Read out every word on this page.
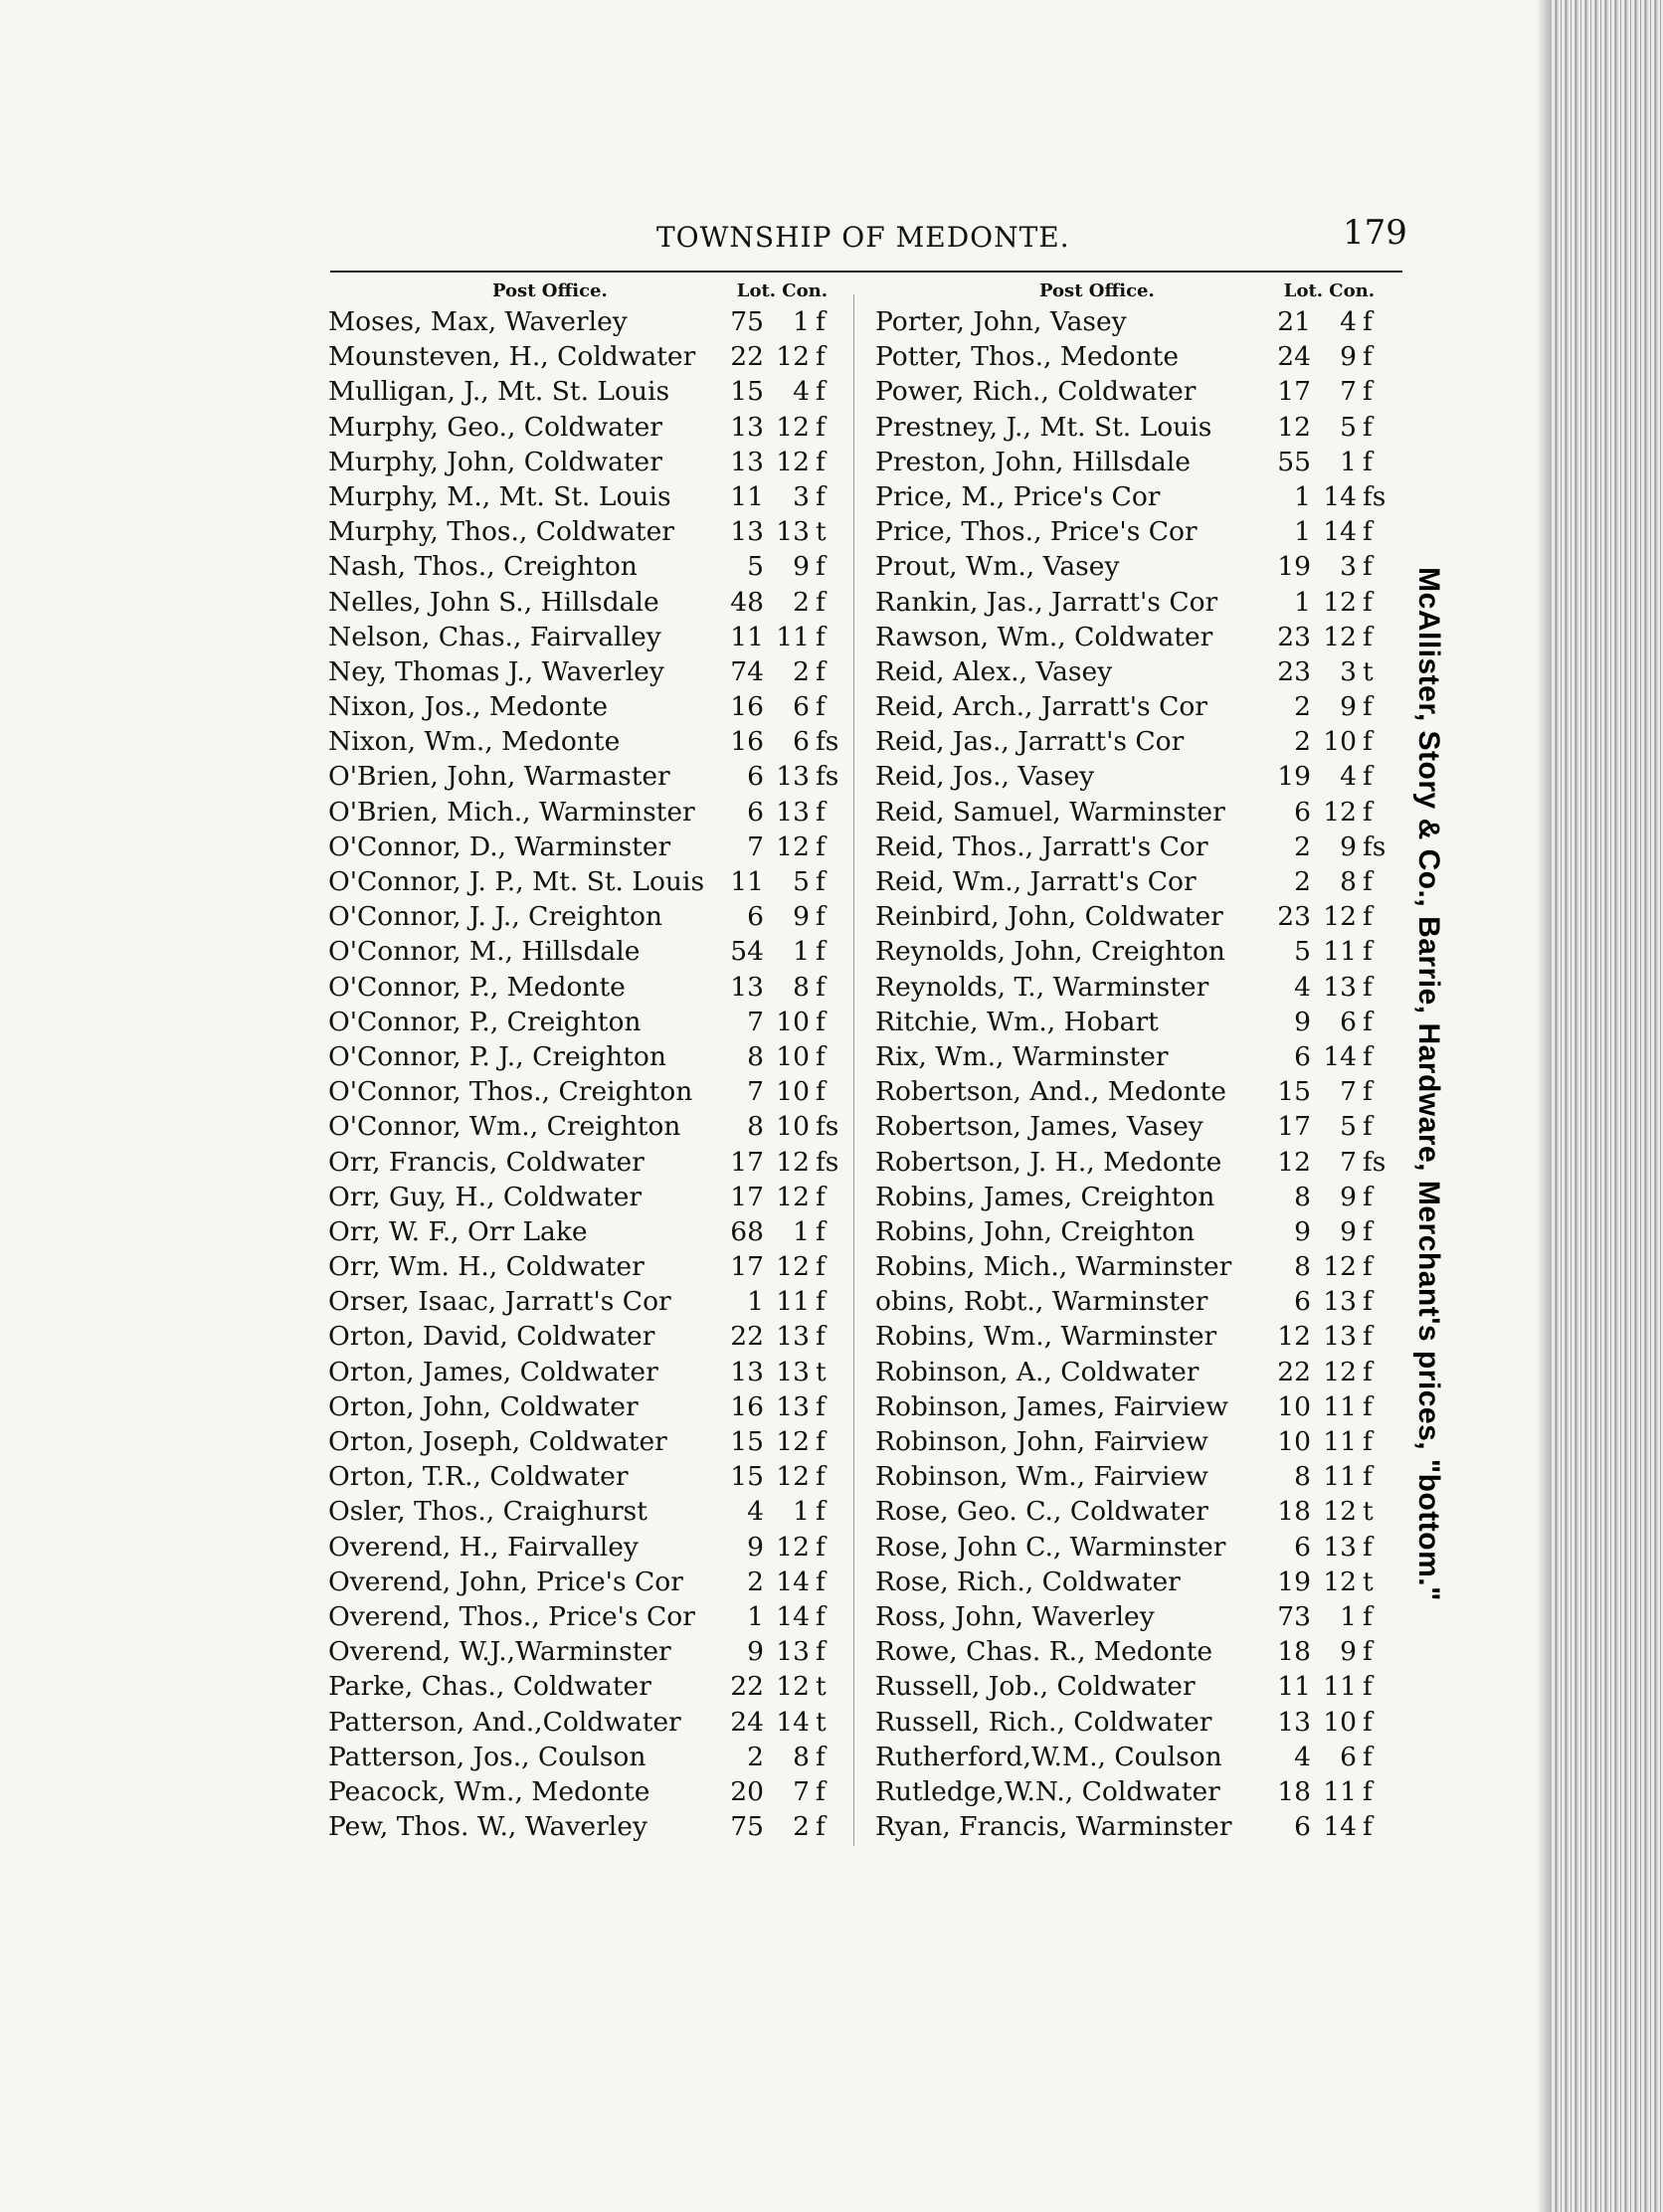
TOWNSHIP OF MEDONTE.	179
Post Office.	Lot. Con.
Moses, Max, Waverley	75	1 f
Mounsteven, H., Coldwater	22 12 f
Mulligan, J., Mt. St. Louis	15	4 f
Murphy, Geo., Coldwater	13 12 f
Murphy, John, Coldwater	13 12 f
Murphy, M., Mt. St. Louis	11	3 f
Murphy, Thos., Coldwater	13 13 t
Nash, Thos., Creighton	5	9 f
Nelles, John S., Hillsdale	48	2 f
Nelson, Chas., Fairvalley	11 11 f
Ney, Thomas J., Waverley	74	2 f
Nixon, Jos., Medonte	16	6 f
Nixon, Wm., Medonte	16	6 fs
O'Brien, John, Warmaster	6 13 fs
O'Brien, Mich., Warminster	6 13 f
O'Connor, D., Warminster	7 12 f
O'Connor, J. P., Mt. St. Louis 11	5 f
O'Connor, J. J., Creighton	6	9 f
O'Connor, M., Hillsdale	54	1 f
O'Connor, P., Medonte	13	8 f
O'Connor, P., Creighton	7 10 f
O'Connor, P. J., Creighton	8 10 f
O'Connor, Thos., Creighton	7 10 f
O'Connor, Wm., Creighton	8 10 fs
Orr, Francis, Coldwater	17 12 fs
Orr, Guy, H., Coldwater	17 12 f
Orr, W. F., Orr Lake	68	1 f
Orr, Wm. H., Coldwater	17 12 f
Orser, Isaac, Jarratt's Cor	1 11 f
Orton, David, Coldwater	22 13 f
Orton, James, Coldwater	13 13 t
Orton, John, Coldwater	16 13 f
Orton, Joseph, Coldwater	15 12 f
Orton, T.R., Coldwater	15 12 f
Osler, Thos., Craighurst	4	1 f
Overend, H., Fairvalley	9 12 f
Overend, John, Price's Cor	2 14 f
Overend, Thos., Price's Cor	1 14 f
Overend, W.J.,Warminster	9 13 f
Parke, Chas., Coldwater	22 12 t
Patterson, And.,Coldwater	24 14 t
Patterson, Jos., Coulson	2	8 f
Peacock, Wm., Medonte	20	7 f
Pew, Thos. W., Waverley	75	2 f
Post Office.	Lot. Con.
Porter, John, Vasey	21	4 f
Potter, Thos., Medonte	24	9 f
Power, Rich., Coldwater	17	7 f
Prestney, J., Mt. St. Louis	12	5 f
Preston, John, Hillsdale	55	1 f
Price, M., Price's Cor	1 14 fs
Price, Thos., Price's Cor	1 14 f
Prout, Wm., Vasey	19	3 f
Rankin, Jas., Jarratt's Cor	1 12 f
Rawson, Wm., Coldwater	23 12 f
Reid, Alex., Vasey	23	3 t
Reid, Arch., Jarratt's Cor	2	9 f
Reid, Jas., Jarratt's Cor	2 10 f
Reid, Jos., Vasey	19	4 f
Reid, Samuel, Warminster	6 12 f
Reid, Thos., Jarratt's Cor	2	9 fs
Reid, Wm., Jarratt's Cor	2	8 f
Reinbird, John, Coldwater	23 12 f
Reynolds, John, Creighton	5 11 f
Reynolds, T., Warminster	4 13 f
Ritchie, Wm., Hobart	9	6 f
Rix, Wm., Warminster	6 14 f
Robertson, And., Medonte	15	7 f
Robertson, James, Vasey	17	5 f
Robertson, J. H., Medonte	12	7 fs
Robins, James, Creighton	8	9 f
Robins, John, Creighton	9	9 f
Robins, Mich., Warminster	8 12 f
obins, Robt., Warminster	6 13 f
Robins, Wm., Warminster	12 13 f
Robinson, A., Coldwater	22 12 f
Robinson, James, Fairview	10 11 f
Robinson, John, Fairview	10 11 f
Robinson, Wm., Fairview	8 11 f
Rose, Geo. C., Coldwater	18 12 t
Rose, John C., Warminster	6 13 f
Rose, Rich., Coldwater	19 12 t
Ross, John, Waverley	73	1 f
Rowe, Chas. R., Medonte	18	9 f
Russell, Job., Coldwater	11 11 f
Russell, Rich., Coldwater	13 10 f
Rutherford,W.M., Coulson	4	6 f
Rutledge,W.N., Coldwater	18 11 f
Ryan, Francis, Warminster	6 14 f
McAllister, Story & Co., Barrie, Hardware, Merchant's prices, "bottom."
